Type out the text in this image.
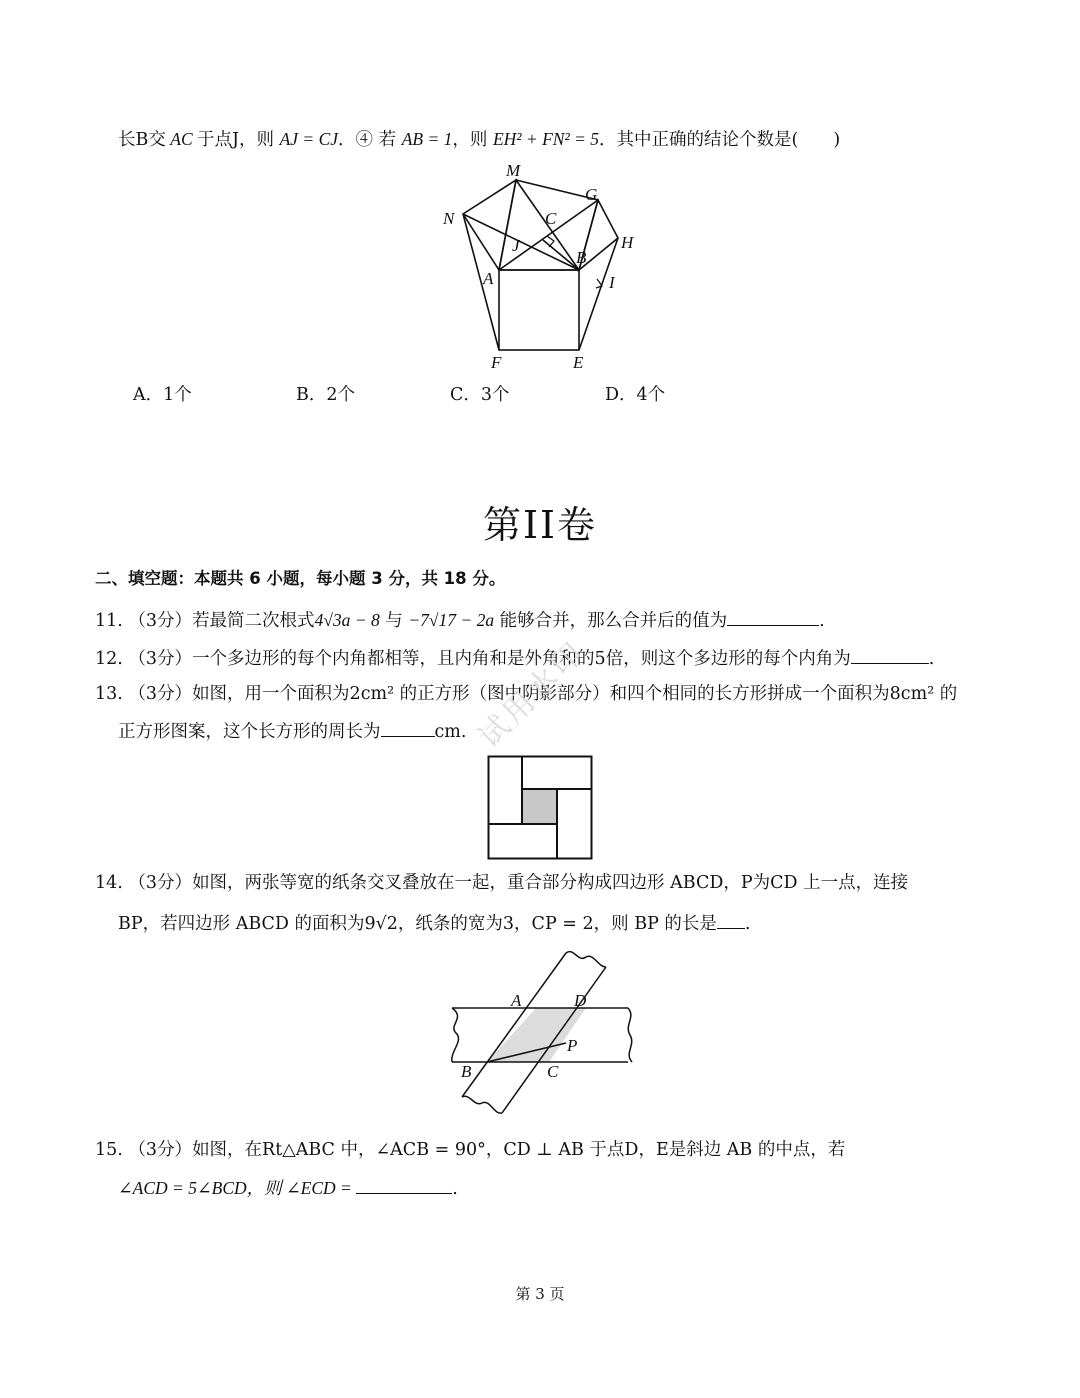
长B交 AC 于点J，则 AJ = CJ．④ 若 AB = 1，则 EH² + FN² = 5．其中正确的结论个数是(　　)
M
G
N	C
J	H
B
A	I
F	E
A．1个	B．2个	C．3个	D．4个
第II卷
二、填空题：本题共 6 小题，每小题 3 分，共 18 分。
11. （3分）若最简二次根式4√3a − 8 与 −7√17 − 2a 能够合并，那么合并后的值为	.
12. （3分）一个多边形的每个内角都相等，且内角和是外角和的5倍，则这个多边形的每个内角为	.
13. （3分）如图，用一个面积为2cm² 的正方形（图中阴影部分）和四个相同的长方形拼成一个面积为8cm² 的
正方形图案，这个长方形的周长为	cm. 试用水印
14. （3分）如图，两张等宽的纸条交叉叠放在一起，重合部分构成四边形 ABCD，P为CD 上一点，连接
BP，若四边形 ABCD 的面积为9√2，纸条的宽为3，CP = 2，则 BP 的长是 .
A	D
P
B	C
15. （3分）如图，在Rt△ABC 中，∠ACB = 90°，CD ⊥ AB 于点D，E是斜边 AB 的中点，若
∠ACD = 5∠BCD，则 ∠ECD =	.
第 3 页
